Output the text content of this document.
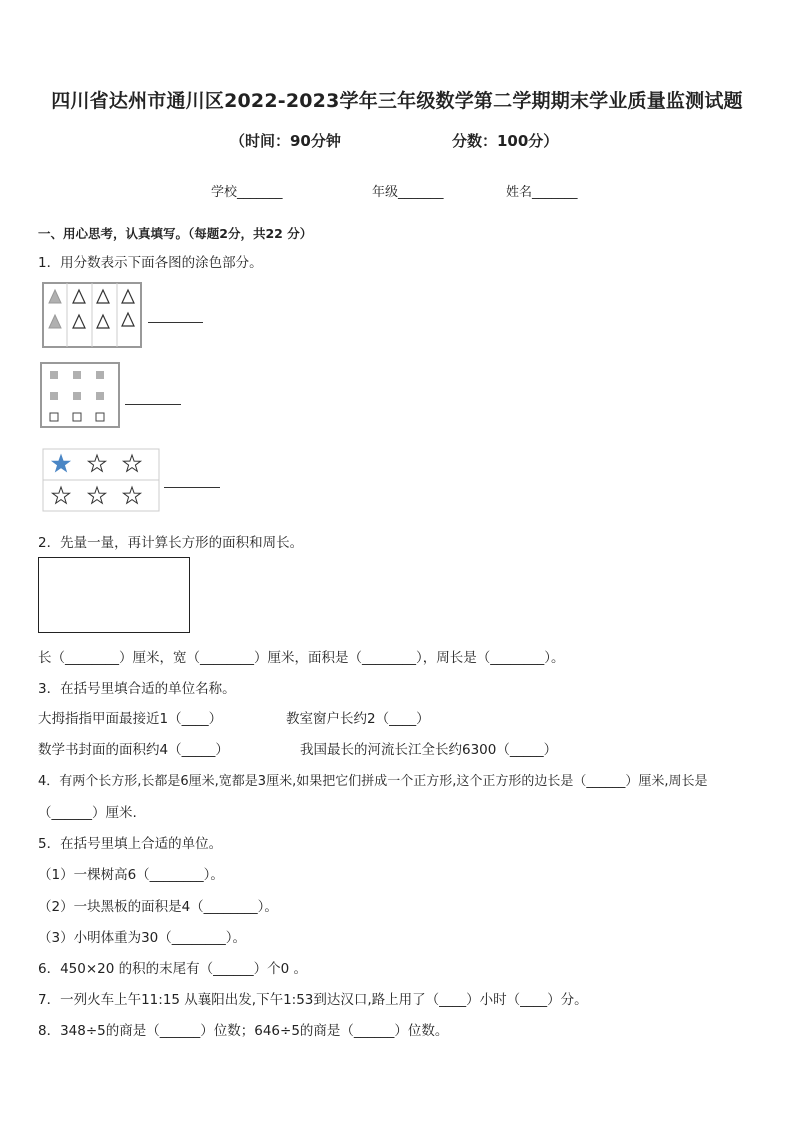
四川省达州市通川区2022-2023学年三年级数学第二学期期末学业质量监测试题
（时间：90分钟	分数：100分）
学校_______	年级_______	姓名_______
一、用心思考，认真填写。（每题2分，共22 分）
1．用分数表示下面各图的涂色部分。
2．先量一量，再计算长方形的面积和周长。
长（________）厘米，宽（________）厘米，面积是（________），周长是（________）。
3．在括号里填合适的单位名称。
大拇指指甲面最接近1（____）	教室窗户长约2（____）
数学书封面的面积约4（_____）	我国最长的河流长江全长约6300（_____）
4．有两个长方形,长都是6厘米,宽都是3厘米,如果把它们拼成一个正方形,这个正方形的边长是（______）厘米,周长是
（______）厘米.
5．在括号里填上合适的单位。
（1）一棵树高6（________）。
（2）一块黑板的面积是4（________）。
（3）小明体重为30（________）。
6．450×20 的积的末尾有（______）个0 。
7．一列火车上午11:15 从襄阳出发,下午1:53到达汉口,路上用了（____）小时（____）分。
8．348÷5的商是（______）位数；646÷5的商是（______）位数。
